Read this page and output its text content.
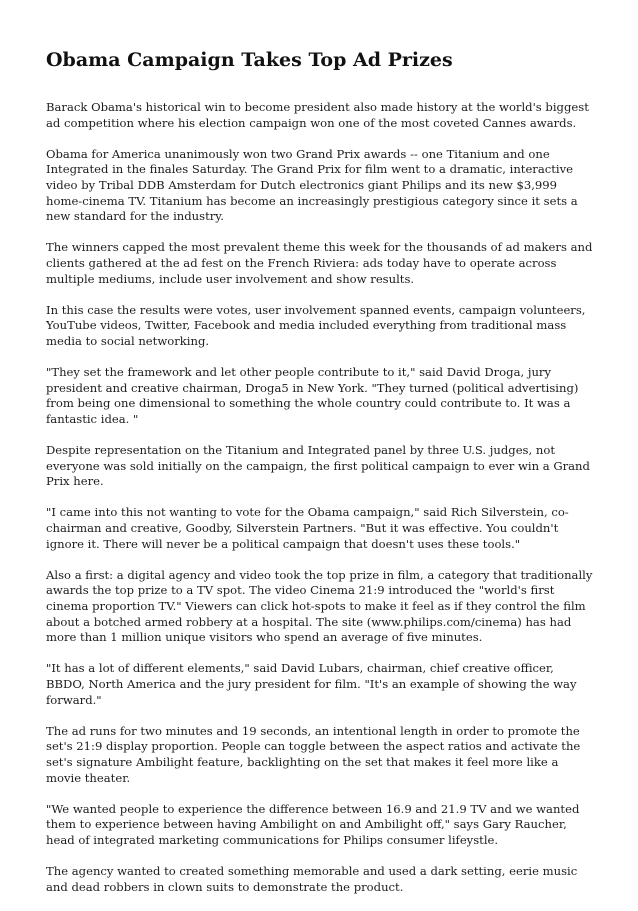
Obama Campaign Takes Top Ad Prizes

Barack Obama's historical win to become president also made history at the world's biggest ad competition where his election campaign won one of the most coveted Cannes awards.

Obama for America unanimously won two Grand Prix awards -- one Titanium and one Integrated in the finales Saturday. The Grand Prix for film went to a dramatic, interactive video by Tribal DDB Amsterdam for Dutch electronics giant Philips and its new $3,999 home-cinema TV. Titanium has become an increasingly prestigious category since it sets a new standard for the industry.

The winners capped the most prevalent theme this week for the thousands of ad makers and clients gathered at the ad fest on the French Riviera: ads today have to operate across multiple mediums, include user involvement and show results.

In this case the results were votes, user involvement spanned events, campaign volunteers, YouTube videos, Twitter, Facebook and media included everything from traditional mass media to social networking.

"They set the framework and let other people contribute to it," said David Droga, jury president and creative chairman, Droga5 in New York. "They turned (political advertising) from being one dimensional to something the whole country could contribute to. It was a fantastic idea. "

Despite representation on the Titanium and Integrated panel by three U.S. judges, not everyone was sold initially on the campaign, the first political campaign to ever win a Grand Prix here.

"I came into this not wanting to vote for the Obama campaign," said Rich Silverstein, co-chairman and creative, Goodby, Silverstein Partners. "But it was effective. You couldn't ignore it. There will never be a political campaign that doesn't uses these tools."

Also a first: a digital agency and video took the top prize in film, a category that traditionally awards the top prize to a TV spot. The video Cinema 21:9 introduced the "world's first cinema proportion TV." Viewers can click hot-spots to make it feel as if they control the film about a botched armed robbery at a hospital. The site (www.philips.com/cinema) has had more than 1 million unique visitors who spend an average of five minutes.

"It has a lot of different elements," said David Lubars, chairman, chief creative officer, BBDO, North America and the jury president for film. "It's an example of showing the way forward."

The ad runs for two minutes and 19 seconds, an intentional length in order to promote the set's 21:9 display proportion. People can toggle between the aspect ratios and activate the set's signature Ambilight feature, backlighting on the set that makes it feel more like a movie theater.

"We wanted people to experience the difference between 16.9 and 21.9 TV and we wanted them to experience between having Ambilight on and Ambilight off," says Gary Raucher, head of integrated marketing communications for Philips consumer lifeystle.

The agency wanted to created something memorable and used a dark setting, eerie music and dead robbers in clown suits to demonstrate the product.
